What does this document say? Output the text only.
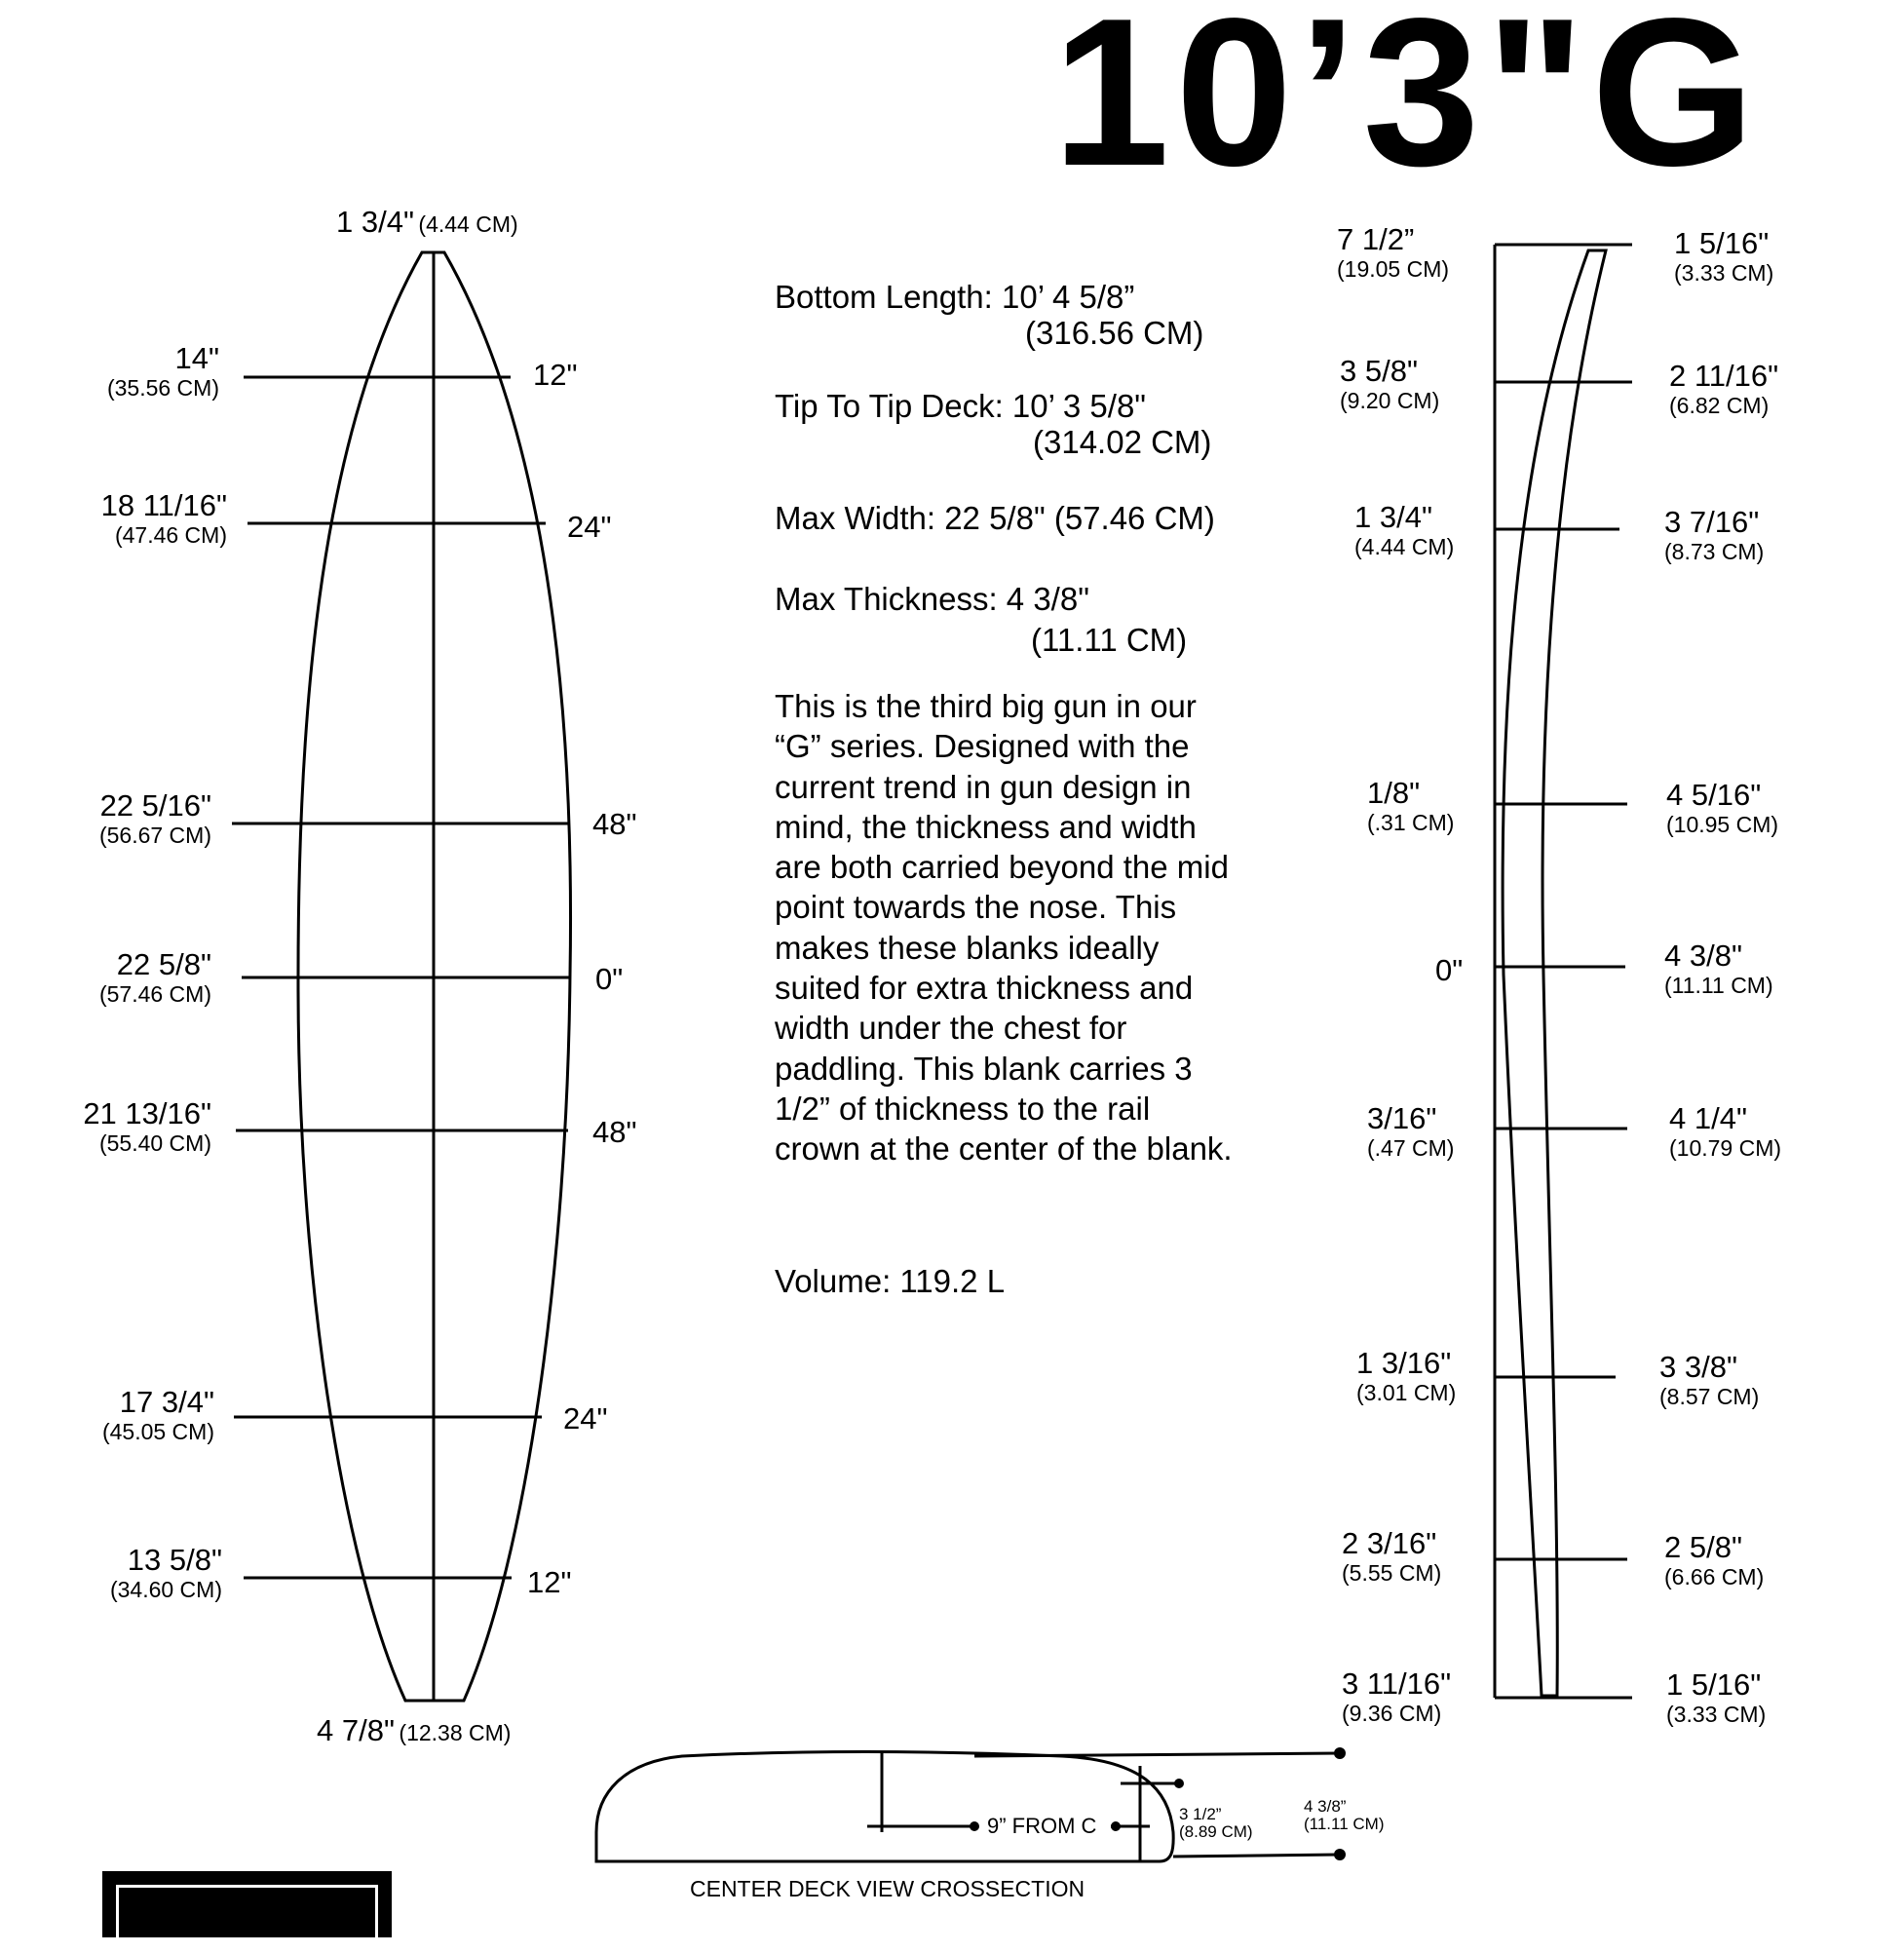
10’3"G
1 3/4" (4.44 CM)
4 7/8" (12.38 CM)
14"
(35.56 CM)	12"
18 11/16"
(47.46 CM)	24"
22 5/16"
(56.67 CM)	48"
22 5/8"
(57.46 CM)	0"
21 13/16"
(55.40 CM)	48"
17 3/4"
(45.05 CM)	24"
13 5/8"
(34.60 CM)	12"
Bottom Length: 10’ 4 5/8”
(316.56 CM)
Tip To Tip Deck: 10’ 3 5/8"
(314.02 CM)
Max Width: 22 5/8" (57.46 CM)
Max Thickness: 4 3/8"
(11.11 CM)
This is the third big gun in our
“G” series. Designed with the
current trend in gun design in
mind, the thickness and width
are both carried beyond the mid
point towards the nose. This
makes these blanks ideally
suited for extra thickness and
width under the chest for
paddling. This blank carries 3
1/2” of thickness to the rail
crown at the center of the blank.
Volume: 119.2 L
7 1/2”
(19.05 CM)
3 5/8"
(9.20 CM)
1 3/4"
(4.44 CM)
1/8"
(.31 CM)
0"
3/16"
(.47 CM)
1 3/16"
(3.01 CM)
2 3/16"
(5.55 CM)
3 11/16"
(9.36 CM)
1 5/16"
(3.33 CM)
2 11/16"
(6.82 CM)
3 7/16"
(8.73 CM)
4 5/16"
(10.95 CM)
4 3/8"
(11.11 CM)
4 1/4"
(10.79 CM)
3 3/8"
(8.57 CM)
2 5/8"
(6.66 CM)
1 5/16"
(3.33 CM)
9” FROM C	3 1/2”
(8.89 CM)
4 3/8”
(11.11 CM)
CENTER DECK VIEW CROSSECTION
